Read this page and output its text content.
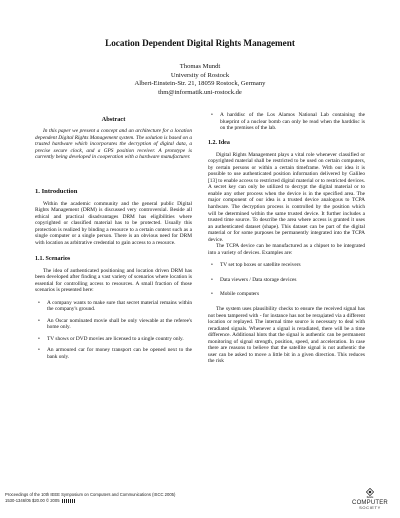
Location Dependent Digital Rights Management
Thomas Mundt
University of Rostock
Albert-Einstein-Str. 21, 18059 Rostock, Germany
thm@informatik.uni-rostock.de
Abstract

In this paper we present a concept and an architecture for a location dependent Digital Rights Management system. The solution is based on a trusted hardware which incorporates the decryption of digital data, a precise secure clock, and a GPS position receiver. A prototype is currently being developed in cooperation with a hardware manufacturer.

1. Introduction

Within the academic community and the general public Digital Rights Management (DRM) is discussed very controversial. Beside all ethical and practical disadvantages DRM has eligibilities where copyrighted or classified material has to be protected. Usually this protection is realized by binding a resource to a certain context such as a single computer or a single person. There is an obvious need for DRM with location as arbitrative credential to gain access to a resource.

1.1. Scenarios

The idea of authenticated positioning and location driven DRM has been developed after finding a vast variety of scenarios where location is essential for controlling access to resources. A small fraction of those scenarios is presented here:

• A company wants to make sure that secret material remains within the company's ground.
• An Oscar nominated movie shall be only viewable at the referee's home only.
• TV shows or DVD movies are licensed to a single country only.
• An armoured car for money transport can be opened next to the bank only.
• A harddisc of the Los Alamos National Lab containing the blueprint of a nuclear bomb can only be read when the harddisc is on the premises of the lab.
1.2. Idea

Digital Rights Management plays a vital role whenever classified or copyrighted material shall be restricted to be used on certain computers, by certain persons or within a certain timeframe. With our idea it is possible to use authenticated position information delivered by Galileo [13] to enable access to restricted digital material or to restricted devices. A secret key can only be utilized to decrypt the digital material or to enable any other process when the device is in the specified area. The major component of our idea is a trusted device analogous to TCPA hardware. The decryption process is controlled by the position which will be determined within the same trusted device. It further includes a trusted time source. To describe the area where access is granted it uses an authenticated dataset (shape). This dataset can be part of the digital material or for some purposes be permanently integrated into the TCPA device.

The TCPA device can be manufactured as a chipset to be integrated into a variety of devices. Examples are:

• TV set top boxes or satellite receivers
• Data viewers / Data storage devices
• Mobile computers

The system uses plausibility checks to ensure the received signal has not been tampered with - for instance has not be rerадiated via a different location or replayed. The internal time source is necessary to deal with reradiated signals. Whenever a signal is reradiated, there will be a time difference. Additional hints that the signal is authentic can be permanent monitoring of signal strength, position, speed, and acceleration. In case there are reasons to believe that the satellite signal is not authentic the user can be asked to move a little bit in a given direction. This reduces the risk

Proceedings of the 10th IEEE Symposium on Computers and Communications (ISCC 2005)
1530-1346/05 $20.00 © 2005
IEEE
COMPUTER
SOCIETY
